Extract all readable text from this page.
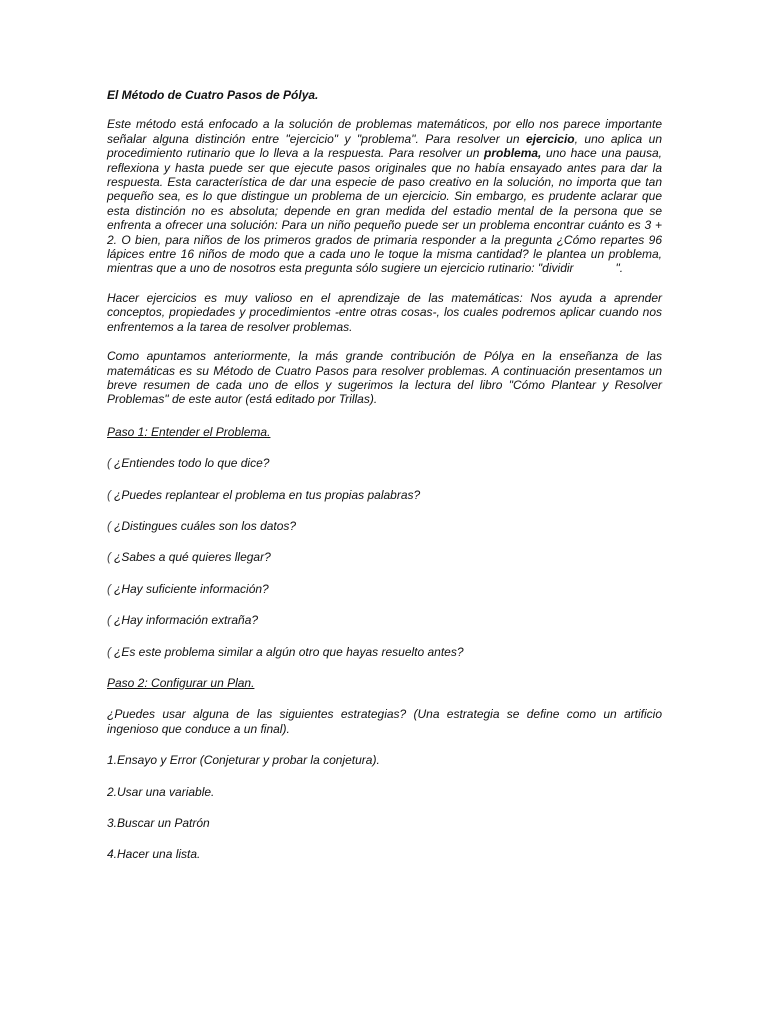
El Método de Cuatro Pasos de Pólya.

Este método está enfocado a la solución de problemas matemáticos, por ello nos parece importante señalar alguna distinción entre "ejercicio" y "problema". Para resolver un ejercicio, uno aplica un procedimiento rutinario que lo lleva a la respuesta. Para resolver un problema, uno hace una pausa, reflexiona y hasta puede ser que ejecute pasos originales que no había ensayado antes para dar la respuesta. Esta característica de dar una especie de paso creativo en la solución, no importa que tan pequeño sea, es lo que distingue un problema de un ejercicio. Sin embargo, es prudente aclarar que esta distinción no es absoluta; depende en gran medida del estadio mental de la persona que se enfrenta a ofrecer una solución: Para un niño pequeño puede ser un problema encontrar cuánto es 3 + 2. O bien, para niños de los primeros grados de primaria responder a la pregunta ¿Cómo repartes 96 lápices entre 16 niños de modo que a cada uno le toque la misma cantidad? le plantea un problema, mientras que a uno de nosotros esta pregunta sólo sugiere un ejercicio rutinario: "dividir	".

Hacer ejercicios es muy valioso en el aprendizaje de las matemáticas: Nos ayuda a aprender conceptos, propiedades y procedimientos -entre otras cosas-, los cuales podremos aplicar cuando nos enfrentemos a la tarea de resolver problemas.

Como apuntamos anteriormente, la más grande contribución de Pólya en la enseñanza de las matemáticas es su Método de Cuatro Pasos para resolver problemas. A continuación presentamos un breve resumen de cada uno de ellos y sugerimos la lectura del libro "Cómo Plantear y Resolver Problemas" de este autor (está editado por Trillas).

Paso 1: Entender el Problema.

( ¿Entiendes todo lo que dice?
( ¿Puedes replantear el problema en tus propias palabras?
( ¿Distingues cuáles son los datos?
( ¿Sabes a qué quieres llegar?
( ¿Hay suficiente información?
( ¿Hay información extraña?
( ¿Es este problema similar a algún otro que hayas resuelto antes?

Paso 2: Configurar un Plan.

¿Puedes usar alguna de las siguientes estrategias? (Una estrategia se define como un artificio ingenioso que conduce a un final).

1.Ensayo y Error (Conjeturar y probar la conjetura).

2.Usar una variable.

3.Buscar un Patrón

4.Hacer una lista.
